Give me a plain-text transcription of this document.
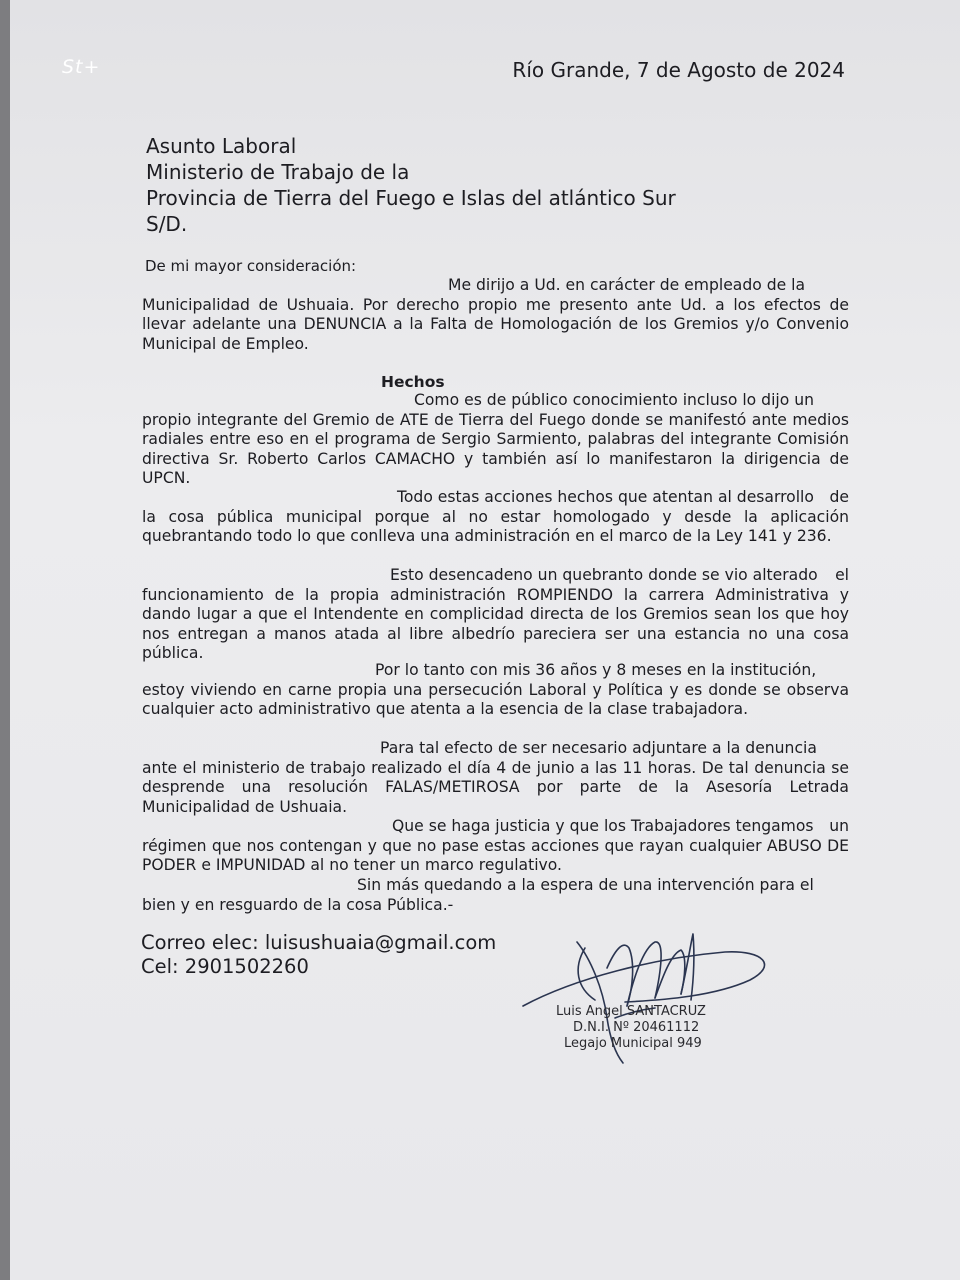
St+	Río Grande, 7 de Agosto de 2024
Asunto Laboral
Ministerio de Trabajo de la
Provincia de Tierra del Fuego e Islas del atlántico Sur
S/D.
De mi mayor consideración:

Me dirijo a Ud. en carácter de empleado de la Municipalidad de Ushuaia. Por derecho propio me presento ante Ud. a los efectos de llevar adelante una DENUNCIA a la Falta de Homologación de los Gremios y/o Convenio Municipal de Empleo.

Hechos

Como es de público conocimiento incluso lo dijo un propio integrante del Gremio de ATE de Tierra del Fuego donde se manifestó ante medios radiales entre eso en el programa de Sergio Sarmiento, palabras del integrante Comisión directiva Sr. Roberto Carlos CAMACHO y también así lo manifestaron la dirigencia de UPCN.

Todo estas acciones hechos que atentan al desarrollo de la cosa pública municipal porque al no estar homologado y desde la aplicación quebrantando todo lo que conlleva una administración en el marco de la Ley 141 y 236.

Esto desencadeno un quebranto donde se vio alterado el funcionamiento de la propia administración ROMPIENDO la carrera Administrativa y dando lugar a que el Intendente en complicidad directa de los Gremios sean los que hoy nos entregan a manos atada al libre albedrío pareciera ser una estancia no una cosa pública.

Por lo tanto con mis 36 años y 8 meses en la institución, estoy viviendo en carne propia una persecución Laboral y Política y es donde se observa cualquier acto administrativo que atenta a la esencia de la clase trabajadora.

Para tal efecto de ser necesario adjuntare a la denuncia ante el ministerio de trabajo realizado el día 4 de junio a las 11 horas. De tal denuncia se desprende una resolución FALAS/METIROSA por parte de la Asesoría Letrada Municipalidad de Ushuaia.

Que se haga justicia y que los Trabajadores tengamos un régimen que nos contengan y que no pase estas acciones que rayan cualquier ABUSO DE PODER e IMPUNIDAD al no tener un marco regulativo.

Sin más quedando a la espera de una intervención para el bien y en resguardo de la cosa Pública.-

Correo elec: luisushuaia@gmail.com
Cel: 2901502260
Luis Angel SANTACRUZ
D.N.I. Nº 20461112
Legajo Municipal 949
